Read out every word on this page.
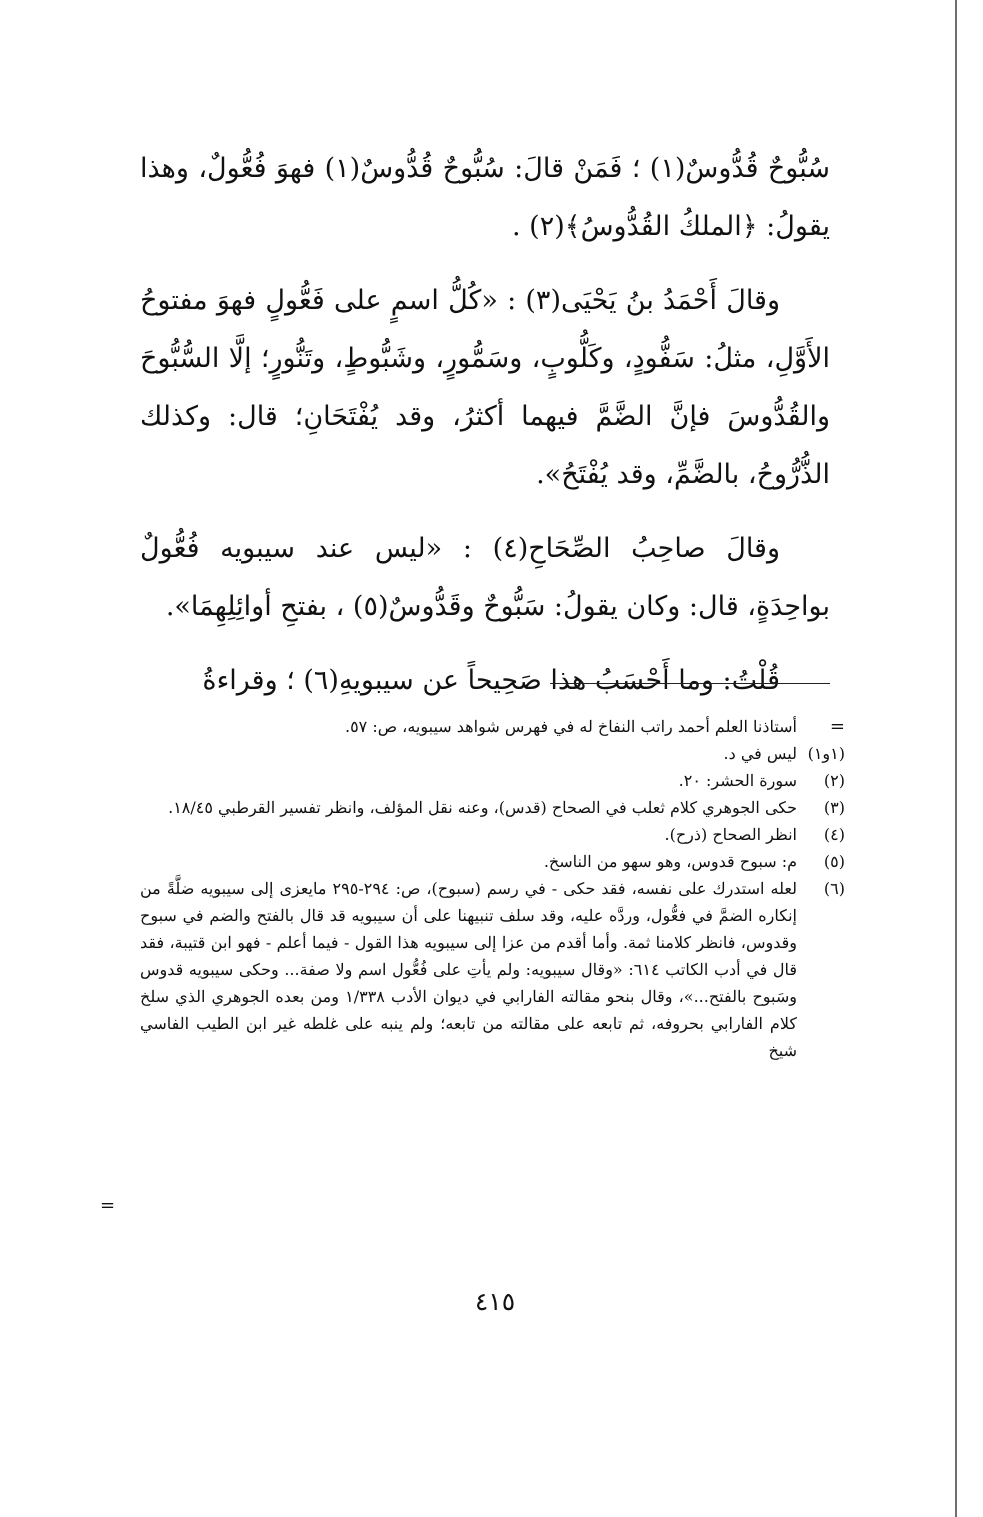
سُبُّوحٌ قُدُّوسٌ(١) ؛ فَمَنْ قالَ: سُبُّوحٌ قُدُّوسٌ(١) فهوَ فُعُّولٌ، وهذا يقولُ: ﴿الملكُ القُدُّوسُ﴾(٢) .

وقالَ أَحْمَدُ بنُ يَحْيَى(٣) : «كُلُّ اسمٍ على فَعُّولٍ فهوَ مفتوحُ الأَوَّلِ، مثلُ: سَفُّودٍ، وكَلُّوبٍ، وسَمُّورٍ، وشَبُّوطٍ، وتَنُّورٍ؛ إلَّا السُّبُّوحَ والقُدُّوسَ فإنَّ الضَّمَّ فيهما أكثرُ، وقد يُفْتَحَانِ؛ قال: وكذلك الذُّرُّوحُ، بالضَّمِّ، وقد يُفْتَحُ».

وقالَ صاحِبُ الصِّحَاحِ(٤) : «ليس عند سيبويه فُعُّولٌ بواحِدَةٍ، قال: وكان يقولُ: سَبُّوحٌ وقَدُّوسٌ(٥) ، بفتحِ أوائِلِهِمَا».

قُلْتُ: وما أَحْسَبُ هذا صَحِيحاً عن سيبويهِ(٦) ؛ وقراءةُ

=
أستاذنا العلم أحمد راتب النفاخ له في فهرس شواهد سيبويه، ص: ٥٧.
(١و١)
ليس في د.
(٢)
سورة الحشر: ٢٠.
(٣)
حكى الجوهري كلام ثعلب في الصحاح (قدس)، وعنه نقل المؤلف، وانظر تفسير القرطبي ١٨/٤٥.
(٤)
انظر الصحاح (ذرح).
(٥)
م: سبوح قدوس، وهو سهو من الناسخ.
(٦)
لعله استدرك على نفسه، فقد حكى - في رسم (سبوح)، ص: ٢٩٤-٢٩٥ مايعزى إلى سيبويه ضلَّةً من إنكاره الضمَّ في فعُّول، وردَّه عليه، وقد سلف تنبيهنا على أن سيبويه قد قال بالفتح والضم في سبوح وقدوس، فانظر كلامنا ثمة. وأما أقدم من عزا إلى سيبويه هذا القول - فيما أعلم - فهو ابن قتيبة، فقد قال في أدب الكاتب ٦١٤: «وقال سيبويه: ولم يأتِ على فُعُّول اسم ولا صفة... وحكى سيبويه قدوس وسَبوح بالفتح...»، وقال بنحو مقالته الفارابي في ديوان الأدب ١/٣٣٨ ومن بعده الجوهري الذي سلخ كلام الفارابي بحروفه، ثم تابعه على مقالته من تابعه؛ ولم ينبه على غلطه غير ابن الطيب الفاسي شيخ
=
٤١٥
